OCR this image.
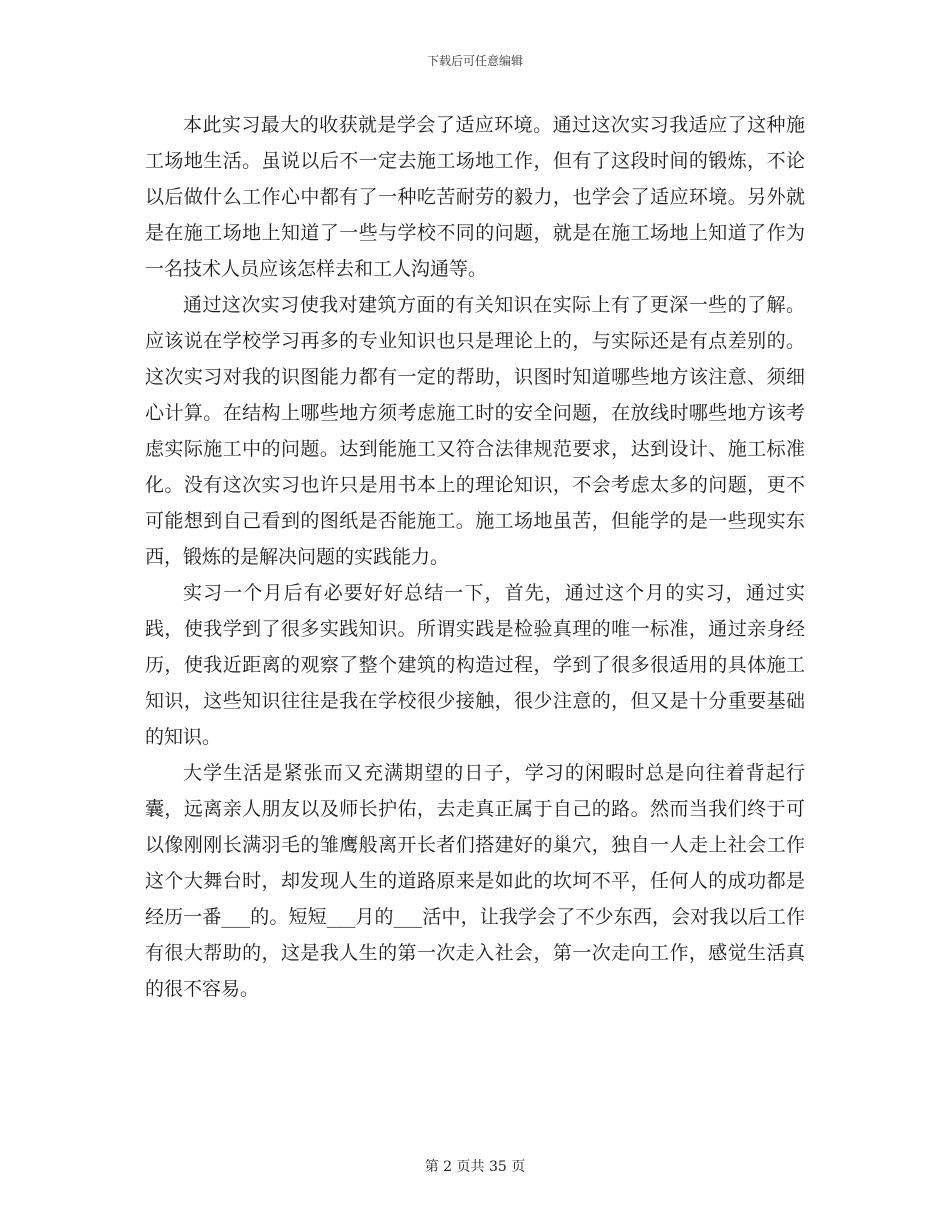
下载后可任意编辑

本此实习最大的收获就是学会了适应环境。通过这次实习我适应了这种施工场地生活。虽说以后不一定去施工场地工作，但有了这段时间的锻炼，不论以后做什么工作心中都有了一种吃苦耐劳的毅力，也学会了适应环境。另外就是在施工场地上知道了一些与学校不同的问题，就是在施工场地上知道了作为一名技术人员应该怎样去和工人沟通等。

通过这次实习使我对建筑方面的有关知识在实际上有了更深一些的了解。应该说在学校学习再多的专业知识也只是理论上的，与实际还是有点差别的。这次实习对我的识图能力都有一定的帮助，识图时知道哪些地方该注意、须细心计算。在结构上哪些地方须考虑施工时的安全问题，在放线时哪些地方该考虑实际施工中的问题。达到能施工又符合法律规范要求，达到设计、施工标准化。没有这次实习也许只是用书本上的理论知识，不会考虑太多的问题，更不可能想到自己看到的图纸是否能施工。施工场地虽苦，但能学的是一些现实东西，锻炼的是解决问题的实践能力。

实习一个月后有必要好好总结一下，首先，通过这个月的实习，通过实践，使我学到了很多实践知识。所谓实践是检验真理的唯一标准，通过亲身经历，使我近距离的观察了整个建筑的构造过程，学到了很多很适用的具体施工知识，这些知识往往是我在学校很少接触，很少注意的，但又是十分重要基础的知识。

大学生活是紧张而又充满期望的日子，学习的闲暇时总是向往着背起行囊，远离亲人朋友以及师长护佑，去走真正属于自己的路。然而当我们终于可以像刚刚长满羽毛的雏鹰般离开长者们搭建好的巢穴，独自一人走上社会工作这个大舞台时，却发现人生的道路原来是如此的坎坷不平，任何人的成功都是经历一番___的。短短___月的___活中，让我学会了不少东西，会对我以后工作有很大帮助的，这是我人生的第一次走入社会，第一次走向工作，感觉生活真的很不容易。

第 2 页共 35 页
